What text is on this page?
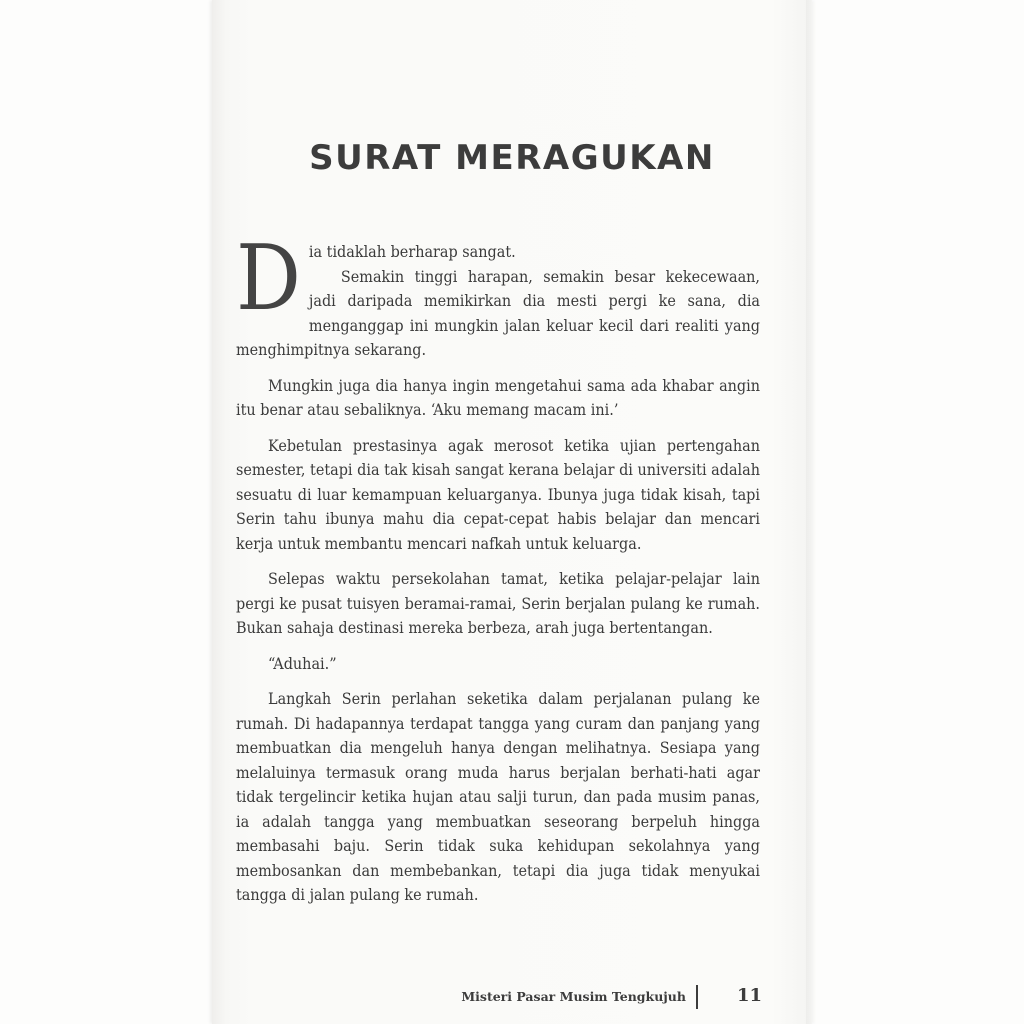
SURAT MERAGUKAN

Dia tidaklah berharap sangat.
Semakin tinggi harapan, semakin besar kekecewaan, jadi daripada memikirkan dia mesti pergi ke sana, dia menganggap ini mungkin jalan keluar kecil dari realiti yang menghimpitnya sekarang.

Mungkin juga dia hanya ingin mengetahui sama ada khabar angin itu benar atau sebaliknya. ‘Aku memang macam ini.’

Kebetulan prestasinya agak merosot ketika ujian pertengahan semester, tetapi dia tak kisah sangat kerana belajar di universiti adalah sesuatu di luar kemampuan keluarganya. Ibunya juga tidak kisah, tapi Serin tahu ibunya mahu dia cepat-cepat habis belajar dan mencari kerja untuk membantu mencari nafkah untuk keluarga.

Selepas waktu persekolahan tamat, ketika pelajar-pelajar lain pergi ke pusat tuisyen beramai-ramai, Serin berjalan pulang ke rumah. Bukan sahaja destinasi mereka berbeza, arah juga bertentangan.

“Aduhai.”

Langkah Serin perlahan seketika dalam perjalanan pulang ke rumah. Di hadapannya terdapat tangga yang curam dan panjang yang membuatkan dia mengeluh hanya dengan melihatnya. Sesiapa yang melaluinya termasuk orang muda harus berjalan berhati-hati agar tidak tergelincir ketika hujan atau salji turun, dan pada musim panas, ia adalah tangga yang membuatkan seseorang berpeluh hingga membasahi baju. Serin tidak suka kehidupan sekolahnya yang membosankan dan membebankan, tetapi dia juga tidak menyukai tangga di jalan pulang ke rumah.

Misteri Pasar Musim Tengkujuh	11
